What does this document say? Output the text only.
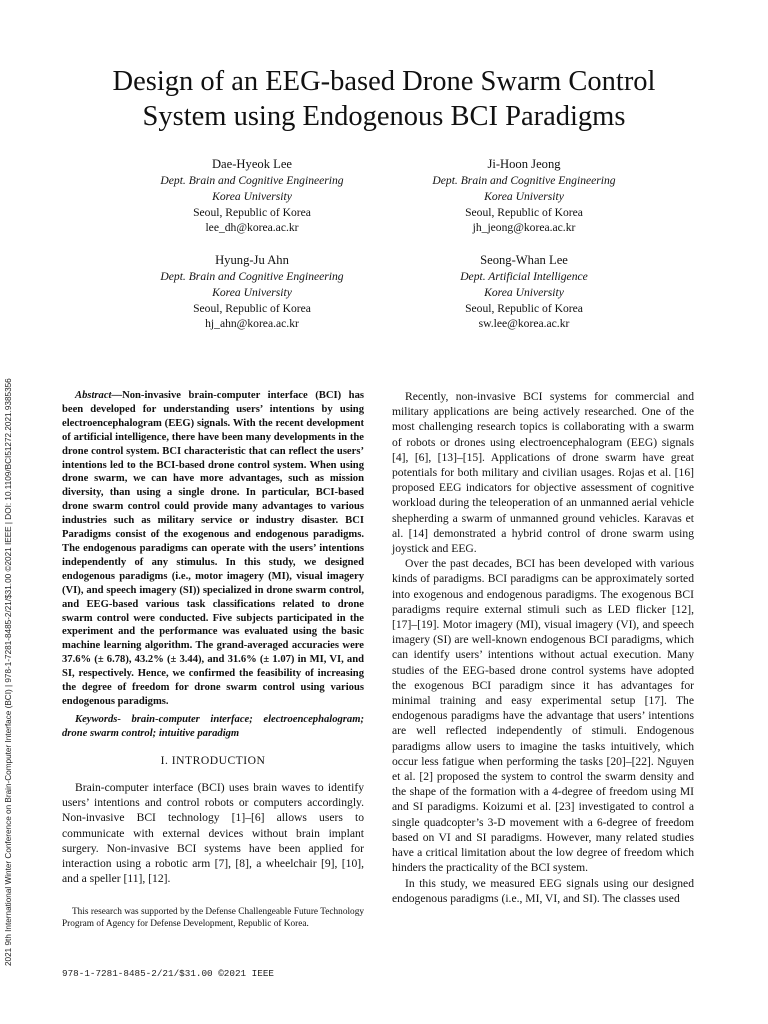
2021 9th International Winter Conference on Brain-Computer Interface (BCI) | 978-1-7281-8485-2/21/$31.00 ©2021 IEEE | DOI: 10.1109/BCI51272.2021.9385356
Design of an EEG-based Drone Swarm Control
System using Endogenous BCI Paradigms
Dae-Hyeok Lee
Dept. Brain and Cognitive Engineering
Korea University
Seoul, Republic of Korea
lee_dh@korea.ac.kr
Ji-Hoon Jeong
Dept. Brain and Cognitive Engineering
Korea University
Seoul, Republic of Korea
jh_jeong@korea.ac.kr
Hyung-Ju Ahn
Dept. Brain and Cognitive Engineering
Korea University
Seoul, Republic of Korea
hj_ahn@korea.ac.kr
Seong-Whan Lee
Dept. Artificial Intelligence
Korea University
Seoul, Republic of Korea
sw.lee@korea.ac.kr

Abstract—Non-invasive brain-computer interface (BCI) has been developed for understanding users’ intentions by using electroencephalogram (EEG) signals. With the recent development of artificial intelligence, there have been many developments in the drone control system. BCI characteristic that can reflect the users’ intentions led to the BCI-based drone control system. When using drone swarm, we can have more advantages, such as mission diversity, than using a single drone. In particular, BCI-based drone swarm control could provide many advantages to various industries such as military service or industry disaster. BCI Paradigms consist of the exogenous and endogenous paradigms. The endogenous paradigms can operate with the users’ intentions independently of any stimulus. In this study, we designed endogenous paradigms (i.e., motor imagery (MI), visual imagery (VI), and speech imagery (SI)) specialized in drone swarm control, and EEG-based various task classifications related to drone swarm control were conducted. Five subjects participated in the experiment and the performance was evaluated using the basic machine learning algorithm. The grand-averaged accuracies were 37.6% (± 6.78), 43.2% (± 3.44), and 31.6% (± 1.07) in MI, VI, and SI, respectively. Hence, we confirmed the feasibility of increasing the degree of freedom for drone swarm control using various endogenous paradigms.

Keywords- brain-computer interface; electroencephalogram; drone swarm control; intuitive paradigm

I. INTRODUCTION

Brain-computer interface (BCI) uses brain waves to identify users’ intentions and control robots or computers accordingly. Non-invasive BCI technology [1]–[6] allows users to communicate with external devices without brain implant surgery. Non-invasive BCI systems have been applied for interaction using a robotic arm [7], [8], a wheelchair [9], [10], and a speller [11], [12].

This research was supported by the Defense Challengeable Future Technology Program of Agency for Defense Development, Republic of Korea.

978-1-7281-8485-2/21/$31.00 ©2021 IEEE

Recently, non-invasive BCI systems for commercial and military applications are being actively researched. One of the most challenging research topics is collaborating with a swarm of robots or drones using electroencephalogram (EEG) signals [4], [6], [13]–[15]. Applications of drone swarm have great potentials for both military and civilian usages. Rojas et al. [16] proposed EEG indicators for objective assessment of cognitive workload during the teleoperation of an unmanned aerial vehicle shepherding a swarm of unmanned ground vehicles. Karavas et al. [14] demonstrated a hybrid control of drone swarm using joystick and EEG.

Over the past decades, BCI has been developed with various kinds of paradigms. BCI paradigms can be approximately sorted into exogenous and endogenous paradigms. The exogenous BCI paradigms require external stimuli such as LED flicker [12], [17]–[19]. Motor imagery (MI), visual imagery (VI), and speech imagery (SI) are well-known endogenous BCI paradigms, which can identify users’ intentions without actual execution. Many studies of the EEG-based drone control systems have adopted the exogenous BCI paradigm since it has advantages for minimal training and easy experimental setup [17]. The endogenous paradigms have the advantage that users’ intentions are well reflected independently of stimuli. Endogenous paradigms allow users to imagine the tasks intuitively, which occur less fatigue when performing the tasks [20]–[22]. Nguyen et al. [2] proposed the system to control the swarm density and the shape of the formation with a 4-degree of freedom using MI and SI paradigms. Koizumi et al. [23] investigated to control a single quadcopter’s 3-D movement with a 6-degree of freedom based on VI and SI paradigms. However, many related studies have a critical limitation about the low degree of freedom which hinders the practicality of the BCI system.

In this study, we measured EEG signals using our designed endogenous paradigms (i.e., MI, VI, and SI). The classes used
